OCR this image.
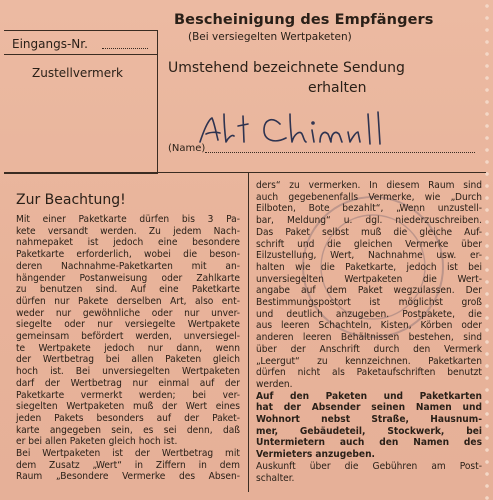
Eingangs-Nr.
Zustellvermerk
Bescheinigung des Empfängers
(Bei versiegelten Wertpaketen)
Umstehend bezeichnete Sendung
erhalten
(Name)
Zur Beachtung!
Mit einer Paketkarte dürfen bis 3 Pa-
kete versandt werden. Zu jedem Nach-
nahmepaket ist jedoch eine besondere
Paketkarte erforderlich, wobei die beson-
deren Nachnahme-Paketkarten mit an-
hängender Postanweisung oder Zahlkarte
zu benutzen sind. Auf eine Paketkarte
dürfen nur Pakete derselben Art, also ent-
weder nur gewöhnliche oder nur unver-
siegelte oder nur versiegelte Wertpakete
gemeinsam befördert werden, unversiegel-
te Wertpakete jedoch nur dann, wenn
der Wertbetrag bei allen Paketen gleich
hoch ist. Bei unversiegelten Wertpaketen
darf der Wertbetrag nur einmal auf der
Paketkarte vermerkt werden; bei ver-
siegelten Wertpaketen muß der Wert eines
jeden Pakets besonders auf der Paket-
karte angegeben sein, es sei denn, daß
er bei allen Paketen gleich hoch ist.
Bei Wertpaketen ist der Wertbetrag mit
dem Zusatz „Wert“ in Ziffern in dem
Raum „Besondere Vermerke des Absen-
ders“ zu vermerken. In diesem Raum sind
auch gegebenenfalls Vermerke, wie „Durch
Eilboten, Bote bezahlt“, „Wenn unzustell-
bar, Meldung“ u. dgl. niederzuschreiben.
Das Paket selbst muß die gleiche Auf-
schrift und die gleichen Vermerke über
Eilzustellung, Wert, Nachnahme usw. er-
halten wie die Paketkarte, jedoch ist bei
unversiegelten Wertpaketen die Wert-
angabe auf dem Paket wegzulassen. Der
Bestimmungspostort ist möglichst groß
und deutlich anzugeben. Postpakete, die
aus leeren Schachteln, Kisten, Körben oder
anderen leeren Behältnissen bestehen, sind
über der Anschrift durch den Vermerk
„Leergut“ zu kennzeichnen. Paketkarten
dürfen nicht als Paketaufschriften benutzt
werden.
Auf den Paketen und Paketkarten
hat der Absender seinen Namen und
Wohnort nebst Straße, Hausnum-
mer, Gebäudeteil, Stockwerk, bei
Untermietern auch den Namen des
Vermieters anzugeben.
Auskunft über die Gebühren am Post-
schalter.
